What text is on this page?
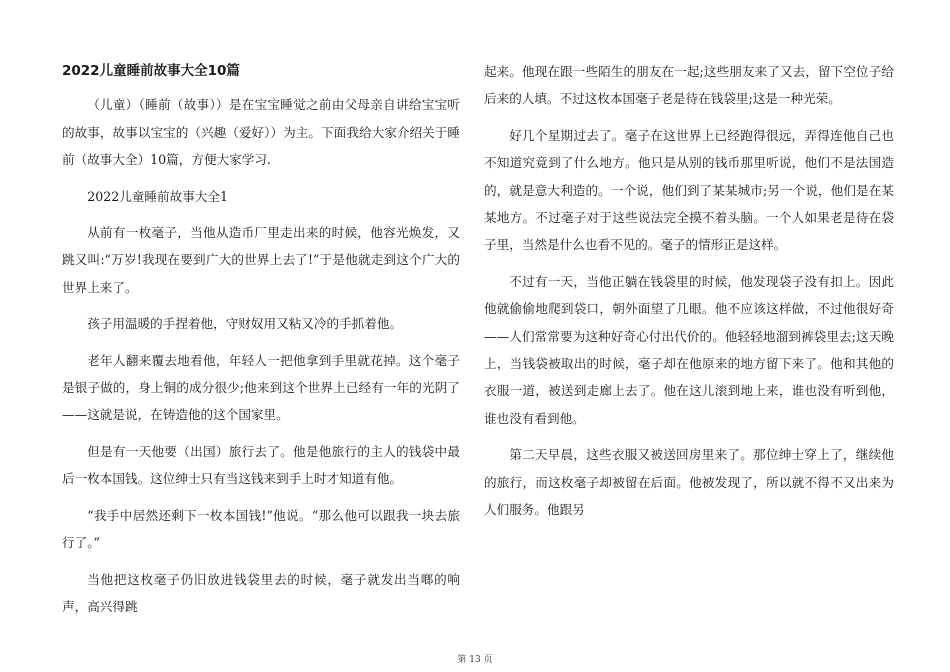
2022儿童睡前故事大全10篇

（儿童）（睡前（故事））是在宝宝睡觉之前由父母亲自讲给宝宝听的故事，故事以宝宝的（兴趣（爱好））为主。下面我给大家介绍关于睡前（故事大全）10篇，方便大家学习.

2022儿童睡前故事大全1

从前有一枚毫子，当他从造币厂里走出来的时候，他容光焕发，又跳又叫:“万岁!我现在要到广大的世界上去了!”于是他就走到这个广大的世界上来了。

孩子用温暖的手捏着他，守财奴用又粘又冷的手抓着他。

老年人翻来覆去地看他，年轻人一把他拿到手里就花掉。这个毫子是银子做的，身上铜的成分很少;他来到这个世界上已经有一年的光阴了——这就是说，在铸造他的这个国家里。

但是有一天他要（出国）旅行去了。他是他旅行的主人的钱袋中最后一枚本国钱。这位绅士只有当这钱来到手上时才知道有他。

“我手中居然还剩下一枚本国钱!”他说。“那么他可以跟我一块去旅行了。”

当他把这枚毫子仍旧放进钱袋里去的时候，毫子就发出当啷的响声，高兴得跳

起来。他现在跟一些陌生的朋友在一起;这些朋友来了又去，留下空位子给后来的人填。不过这枚本国毫子老是待在钱袋里;这是一种光荣。

好几个星期过去了。毫子在这世界上已经跑得很远，弄得连他自己也不知道究竟到了什么地方。他只是从别的钱币那里听说，他们不是法国造的，就是意大利造的。一个说，他们到了某某城市;另一个说，他们是在某某地方。不过毫子对于这些说法完全摸不着头脑。一个人如果老是待在袋子里，当然是什么也看不见的。毫子的情形正是这样。

不过有一天，当他正躺在钱袋里的时候，他发现袋子没有扣上。因此他就偷偷地爬到袋口，朝外面望了几眼。他不应该这样做，不过他很好奇——人们常常要为这种好奇心付出代价的。他轻轻地溜到裤袋里去;这天晚上，当钱袋被取出的时候，毫子却在他原来的地方留下来了。他和其他的衣服一道，被送到走廊上去了。他在这儿滚到地上来，谁也没有听到他，谁也没有看到他。

第二天早晨，这些衣服又被送回房里来了。那位绅士穿上了，继续他的旅行，而这枚毫子却被留在后面。他被发现了，所以就不得不又出来为人们服务。他跟另

第 13 页
